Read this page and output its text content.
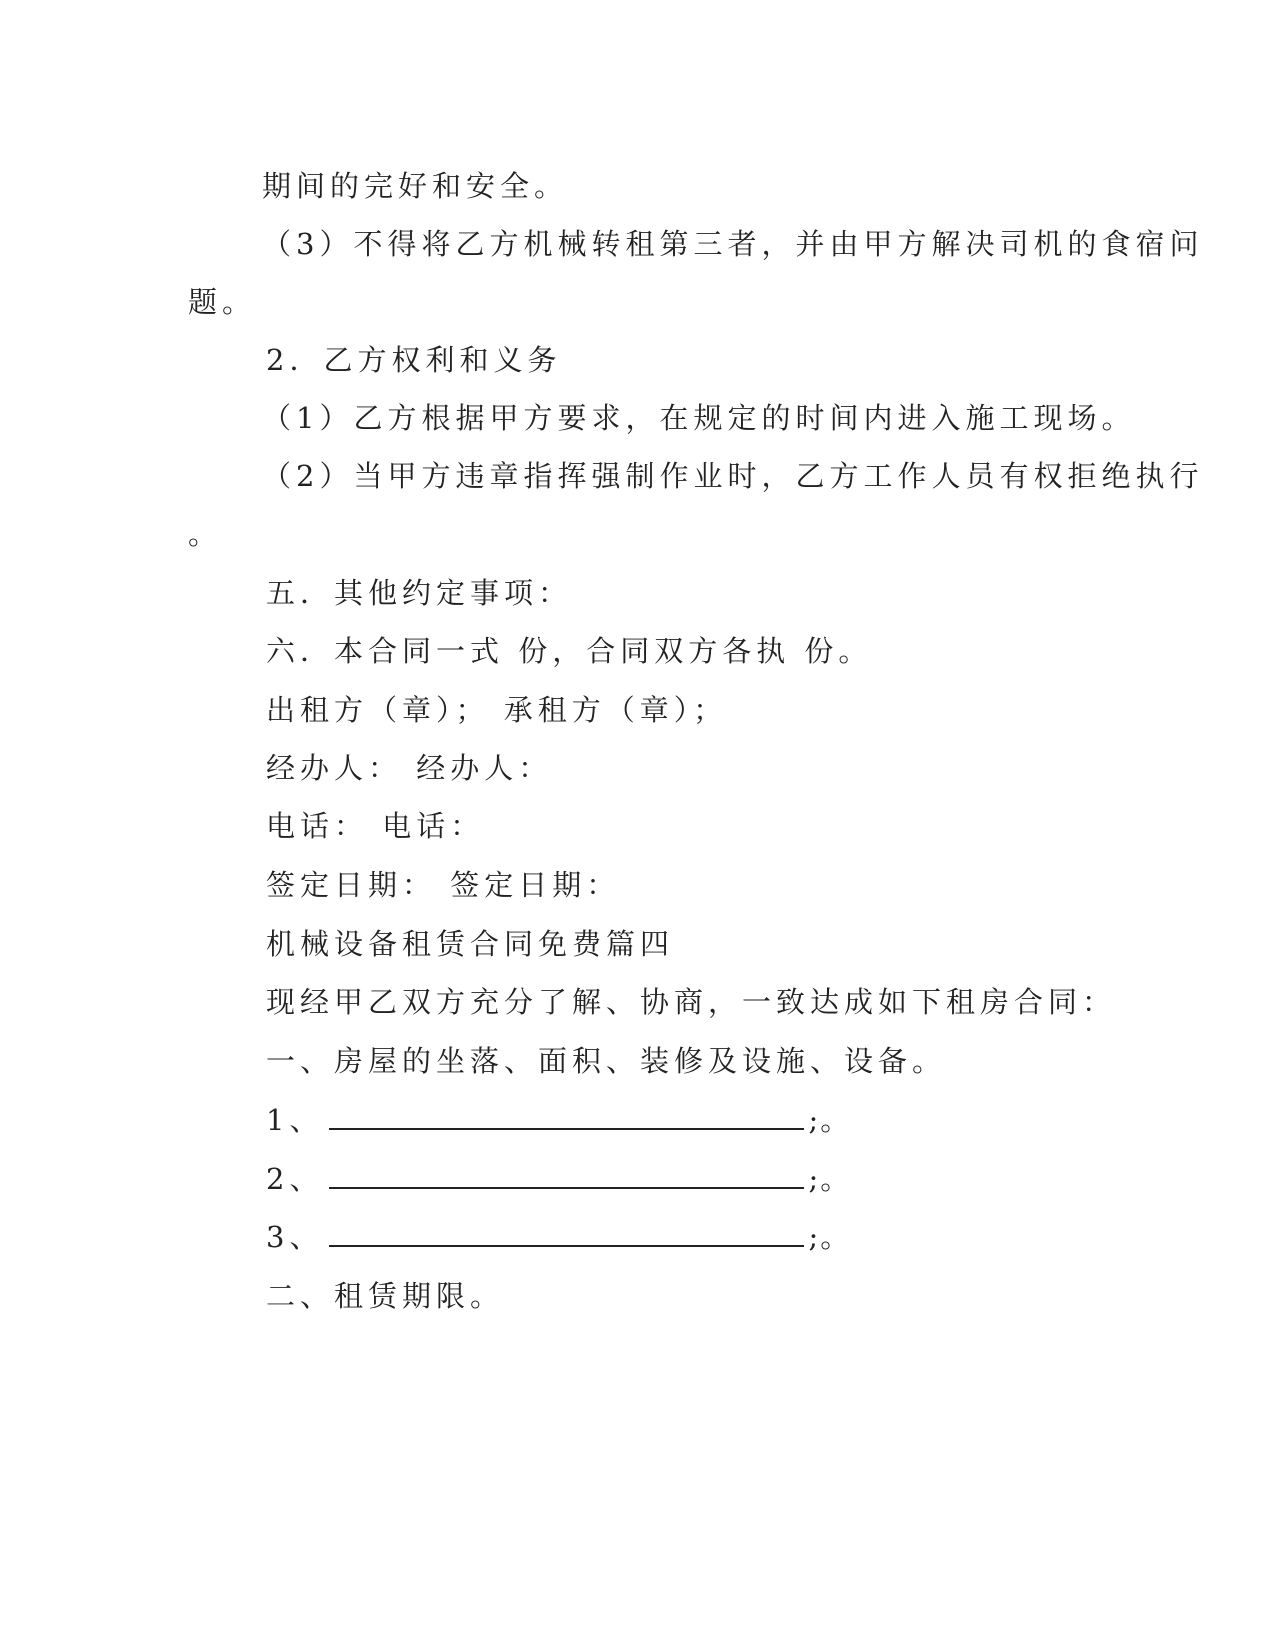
期间的完好和安全。
（3）不得将乙方机械转租第三者，并由甲方解决司机的食宿问
题。
2．乙方权利和义务
（1）乙方根据甲方要求，在规定的时间内进入施工现场。
（2）当甲方违章指挥强制作业时，乙方工作人员有权拒绝执行
。
五．其他约定事项：
六．本合同一式 份，合同双方各执 份。
出租方（章）； 承租方（章）；
经办人： 经办人：
电话： 电话：
签定日期： 签定日期：
机械设备租赁合同免费篇四
现经甲乙双方充分了解、协商，一致达成如下租房合同：
一、房屋的坐落、面积、装修及设施、设备。
1、	;。
2、	;。
3、	;。
二、租赁期限。
